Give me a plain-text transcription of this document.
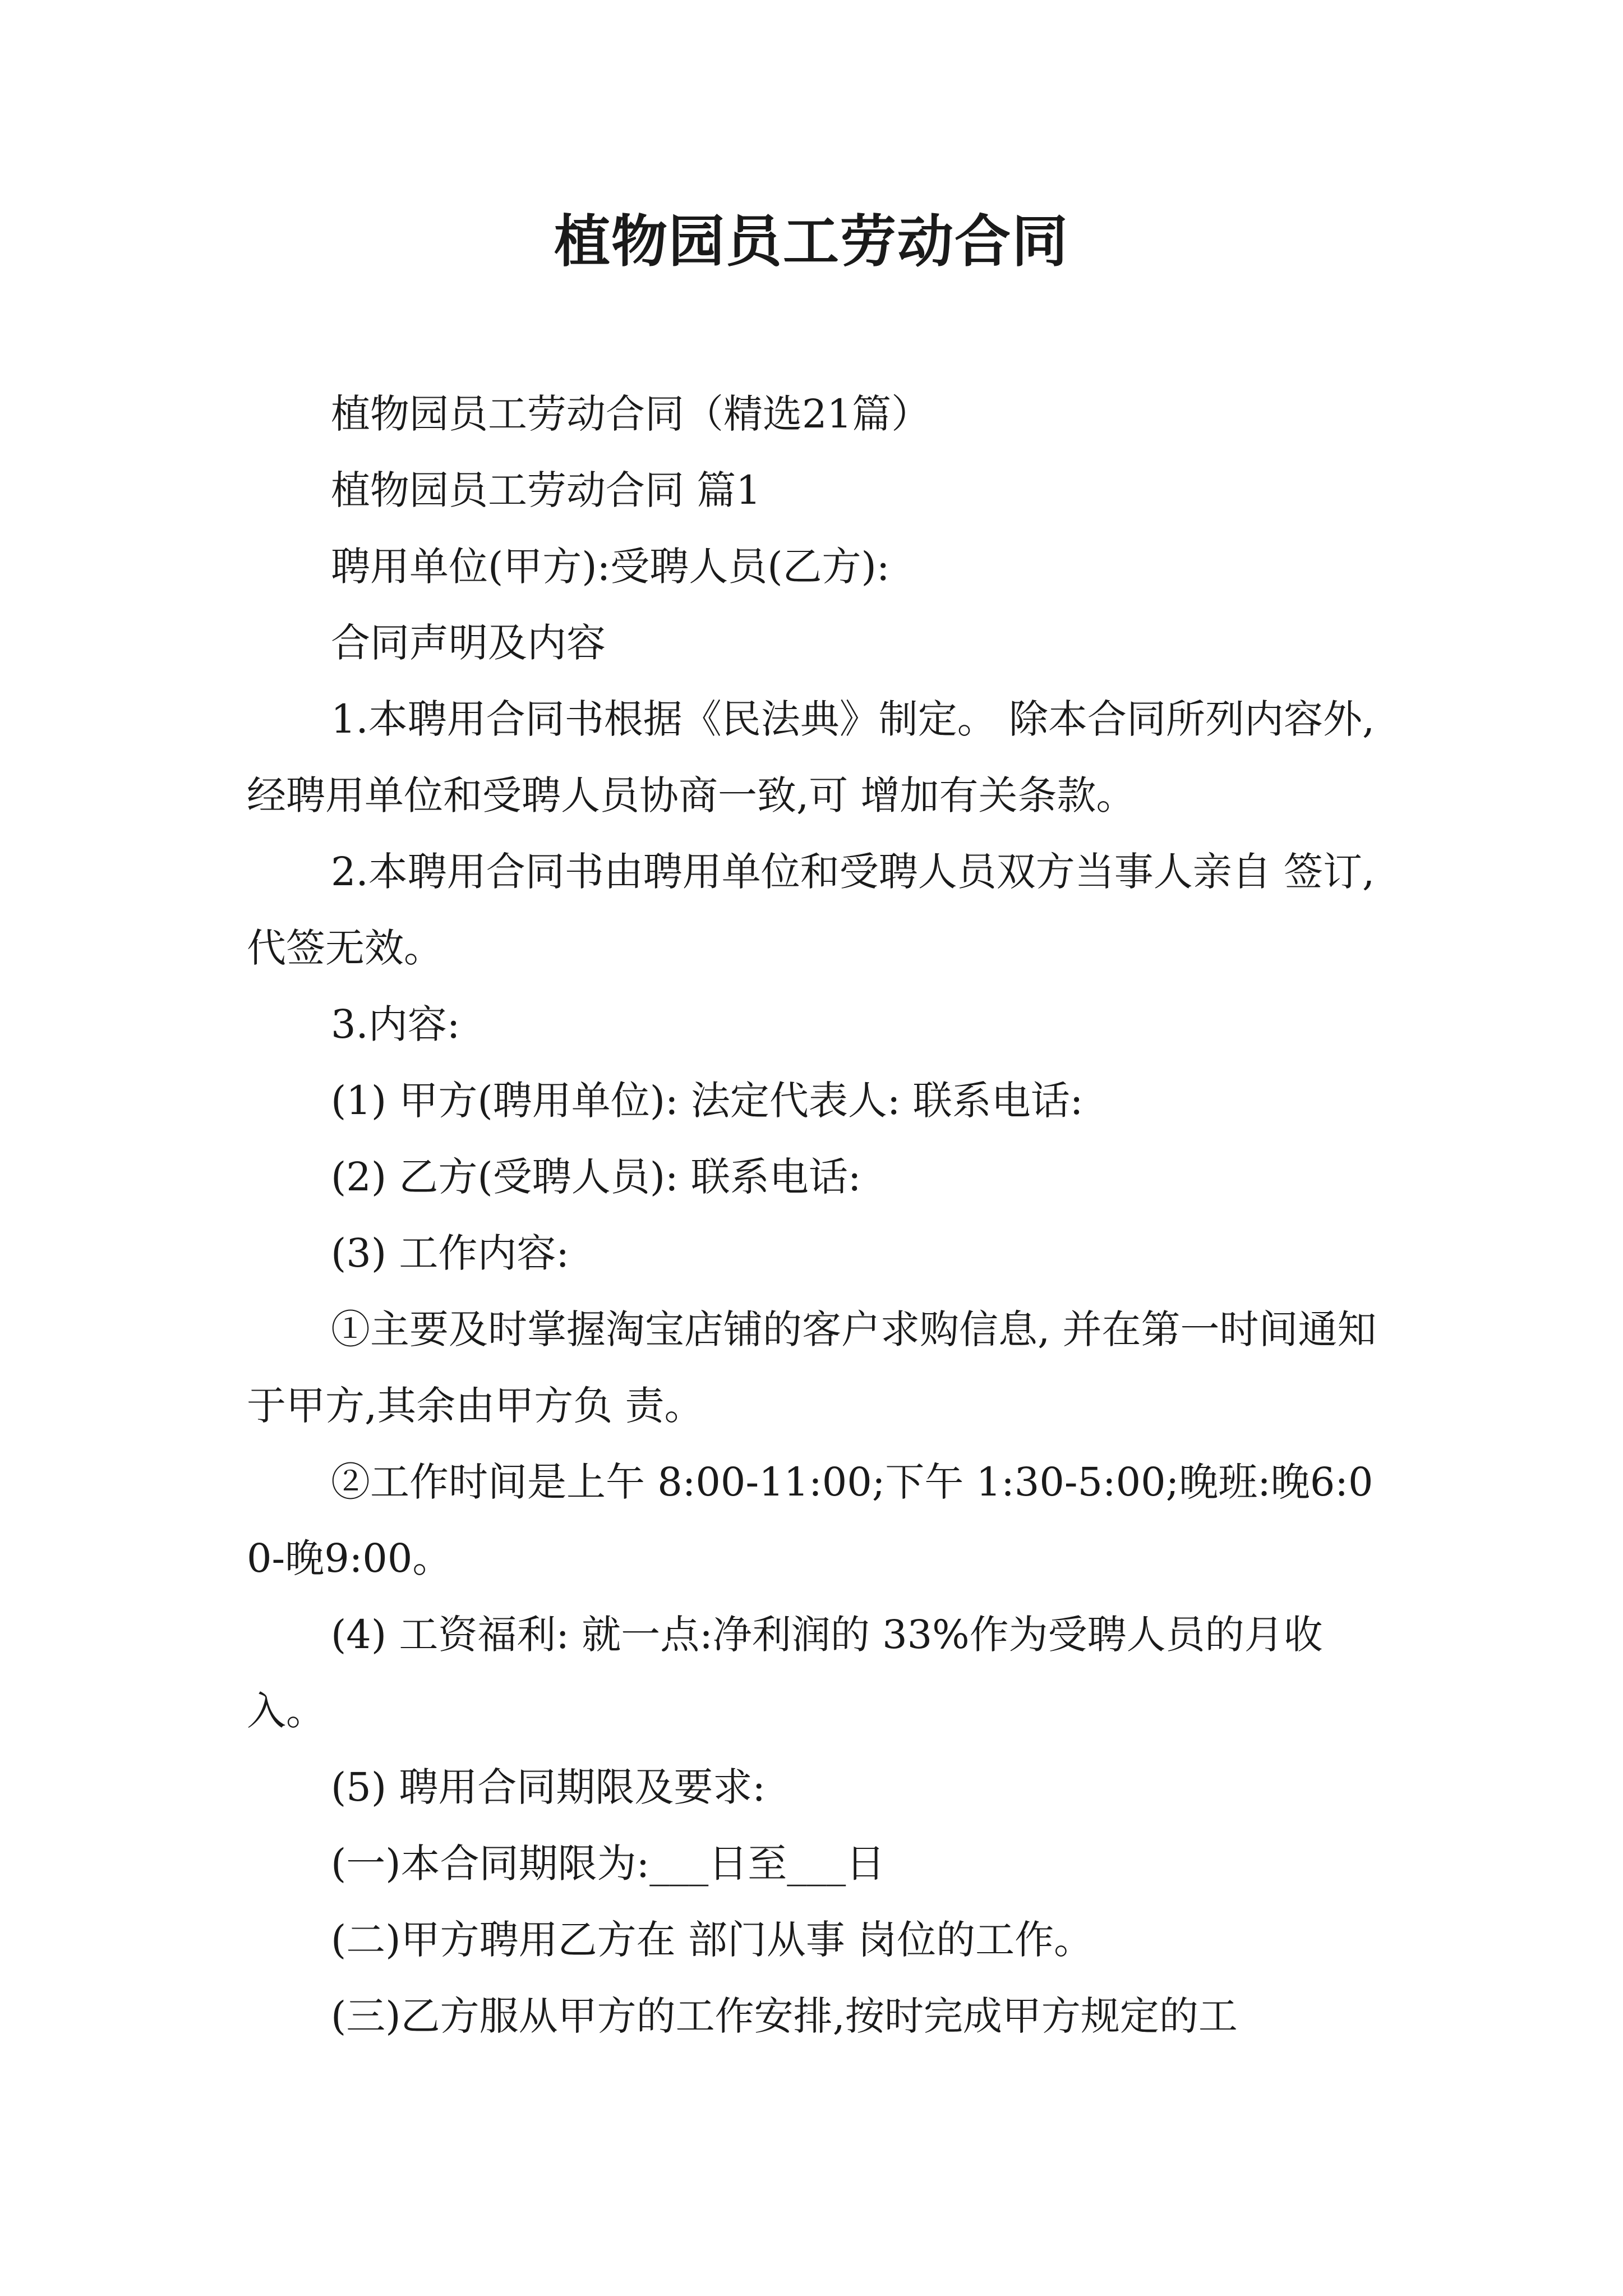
植物园员工劳动合同

植物园员工劳动合同（精选21篇）

植物园员工劳动合同 篇1

聘用单位(甲方):受聘人员(乙方):

合同声明及内容

1.本聘用合同书根据《民法典》制定。 除本合同所列内容外,经聘用单位和受聘人员协商一致,可 增加有关条款。

2.本聘用合同书由聘用单位和受聘人员双方当事人亲自 签订,代签无效。

3.内容:

(1) 甲方(聘用单位): 法定代表人: 联系电话:

(2) 乙方(受聘人员): 联系电话:

(3) 工作内容:

①主要及时掌握淘宝店铺的客户求购信息, 并在第一时间通知于甲方,其余由甲方负 责。

②工作时间是上午 8:00-11:00;下午 1:30-5:00;晚班:晚6:00-晚9:00。

(4) 工资福利: 就一点:净利润的 33%作为受聘人员的月收 入。

(5) 聘用合同期限及要求:

(一)本合同期限为:___日至___日

(二)甲方聘用乙方在 部门从事 岗位的工作。

(三)乙方服从甲方的工作安排,按时完成甲方规定的工
